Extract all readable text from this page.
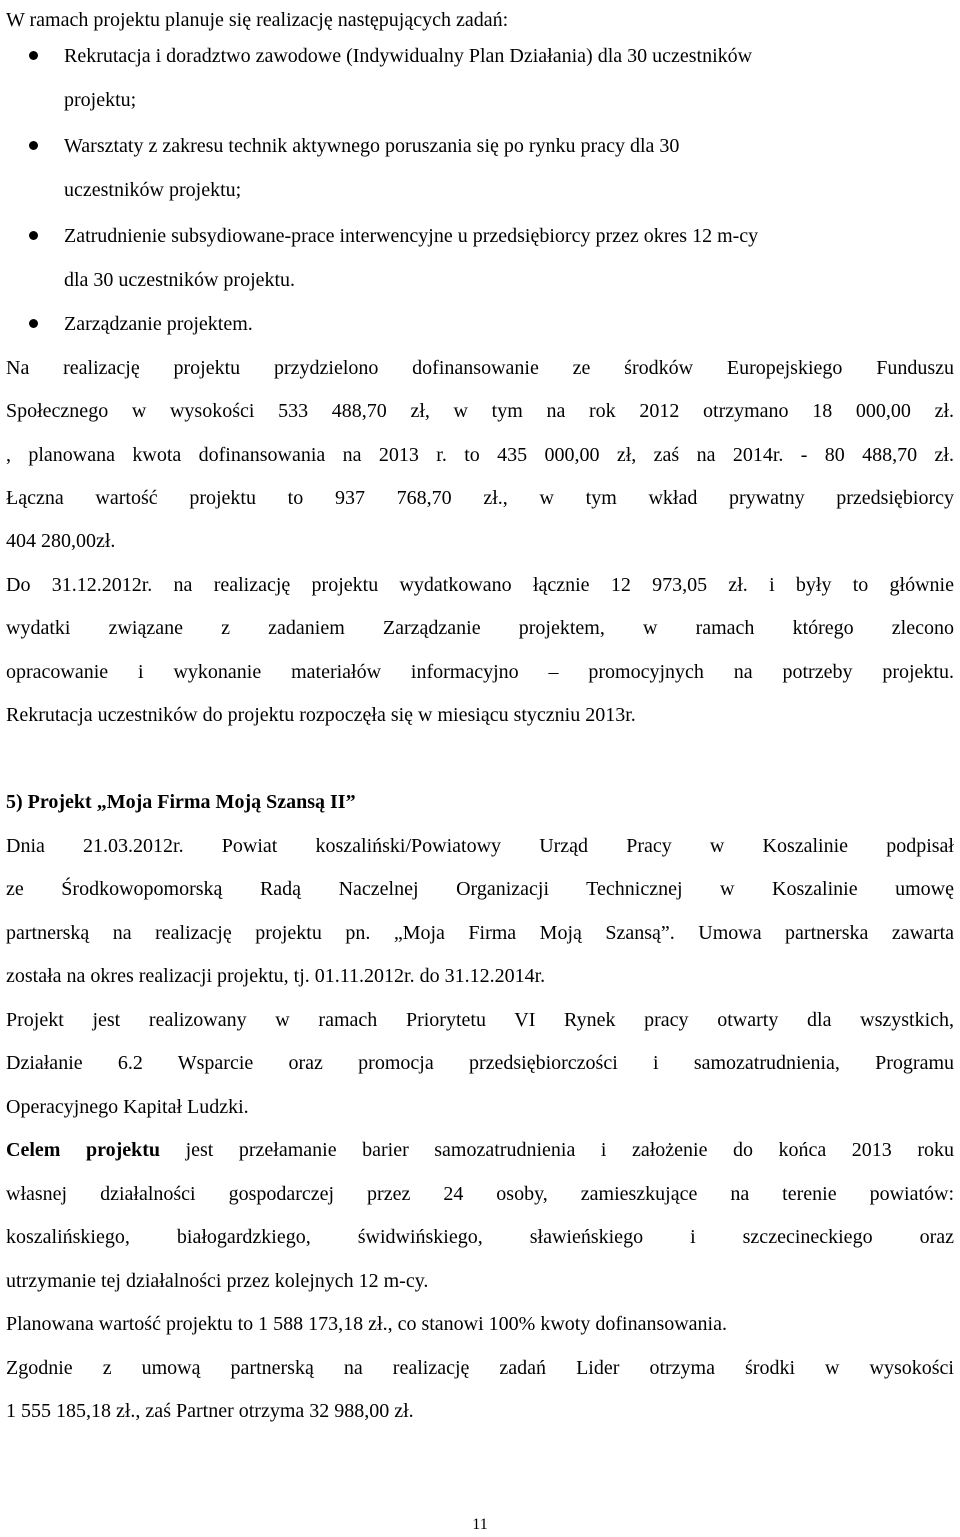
W ramach projektu planuje się realizację następujących zadań:

Rekrutacja i doradztwo zawodowe (Indywidualny Plan Działania) dla 30 uczestników

projektu;

Warsztaty z zakresu technik aktywnego poruszania się po rynku pracy dla 30

uczestników projektu;

Zatrudnienie subsydiowane-prace interwencyjne u przedsiębiorcy przez okres 12 m-cy

dla 30 uczestników projektu.

Zarządzanie projektem.

Na realizację projektu przydzielono dofinansowanie ze środków Europejskiego Funduszu

Społecznego w wysokości 533 488,70 zł, w tym na rok 2012 otrzymano 18 000,00 zł.

, planowana kwota dofinansowania na 2013 r. to 435 000,00 zł, zaś na 2014r. - 80 488,70 zł.

Łączna wartość projektu to 937 768,70 zł., w tym wkład prywatny przedsiębiorcy

404 280,00zł.

Do 31.12.2012r. na realizację projektu wydatkowano łącznie 12 973,05 zł. i były to głównie

wydatki związane z zadaniem Zarządzanie projektem, w ramach którego zlecono

opracowanie i wykonanie materiałów informacyjno – promocyjnych na potrzeby projektu.

Rekrutacja uczestników do projektu rozpoczęła się w miesiącu styczniu 2013r.

5) Projekt „Moja Firma Moją Szansą II”

Dnia 21.03.2012r. Powiat koszaliński/Powiatowy Urząd Pracy w Koszalinie podpisał

ze Środkowopomorską Radą Naczelnej Organizacji Technicznej w Koszalinie umowę

partnerską na realizację projektu pn. „Moja Firma Moją Szansą”. Umowa partnerska zawarta

została na okres realizacji projektu, tj. 01.11.2012r. do 31.12.2014r.

Projekt jest realizowany w ramach Priorytetu VI Rynek pracy otwarty dla wszystkich,

Działanie 6.2 Wsparcie oraz promocja przedsiębiorczości i samozatrudnienia, Programu

Operacyjnego Kapitał Ludzki.

Celem projektu jest przełamanie barier samozatrudnienia i założenie do końca 2013 roku

własnej działalności gospodarczej przez 24 osoby, zamieszkujące na terenie powiatów:

koszalińskiego, białogardzkiego, świdwińskiego, sławieńskiego i szczecineckiego oraz

utrzymanie tej działalności przez kolejnych 12 m-cy.

Planowana wartość projektu to 1 588 173,18 zł., co stanowi 100% kwoty dofinansowania.

Zgodnie z umową partnerską na realizację zadań Lider otrzyma środki w wysokości

1 555 185,18 zł., zaś Partner otrzyma 32 988,00 zł.

11
